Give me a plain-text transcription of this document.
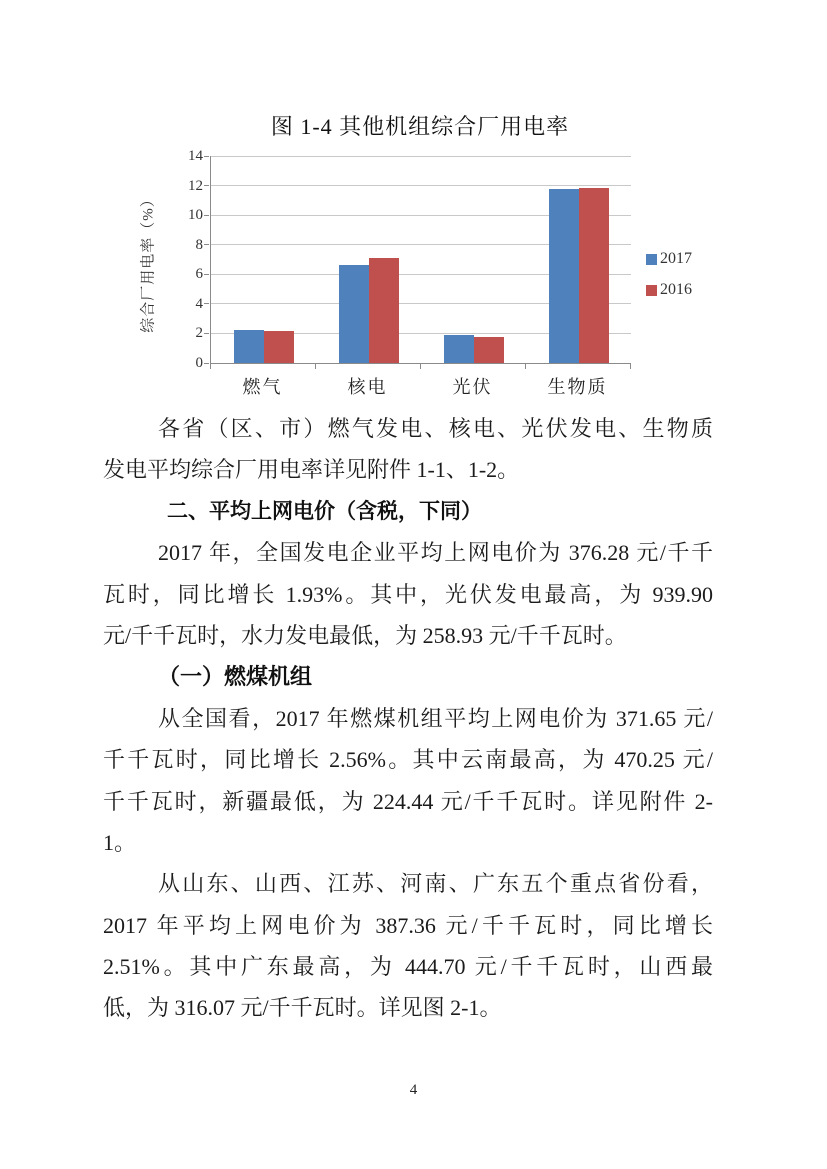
图 1-4 其他机组综合厂用电率
综合厂用电率（%）
0
2
4
6
8
10
12
14
燃气	核电	光伏	生物质
2017
2016
各省（区、市）燃气发电、核电、光伏发电、生物质
发电平均综合厂用电率详见附件 1-1、1-2。
二、平均上网电价（含税，下同）
2017 年，全国发电企业平均上网电价为 376.28 元/千千
瓦时，同比增长 1.93%。其中，光伏发电最高，为 939.90
元/千千瓦时，水力发电最低，为 258.93 元/千千瓦时。
（一）燃煤机组
从全国看，2017 年燃煤机组平均上网电价为 371.65 元/
千千瓦时，同比增长 2.56%。其中云南最高，为 470.25 元/
千千瓦时，新疆最低，为 224.44 元/千千瓦时。详见附件 2-
1。
从山东、山西、江苏、河南、广东五个重点省份看，
2017 年平均上网电价为 387.36 元/千千瓦时，同比增长
2.51%。其中广东最高，为 444.70 元/千千瓦时，山西最
低，为 316.07 元/千千瓦时。详见图 2-1。
4
